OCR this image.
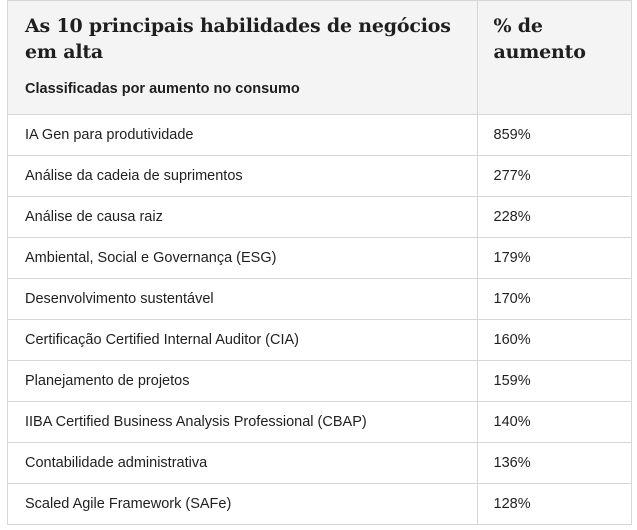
As 10 principais habilidades de negócios em alta
Classificadas por aumento no consumo	% de aumento

IA Gen para produtividade	859%
Análise da cadeia de suprimentos	277%
Análise de causa raiz	228%
Ambiental, Social e Governança (ESG)	179%
Desenvolvimento sustentável	170%
Certificação Certified Internal Auditor (CIA)	160%
Planejamento de projetos	159%
IIBA Certified Business Analysis Professional (CBAP)	140%
Contabilidade administrativa	136%
Scaled Agile Framework (SAFe)	128%
